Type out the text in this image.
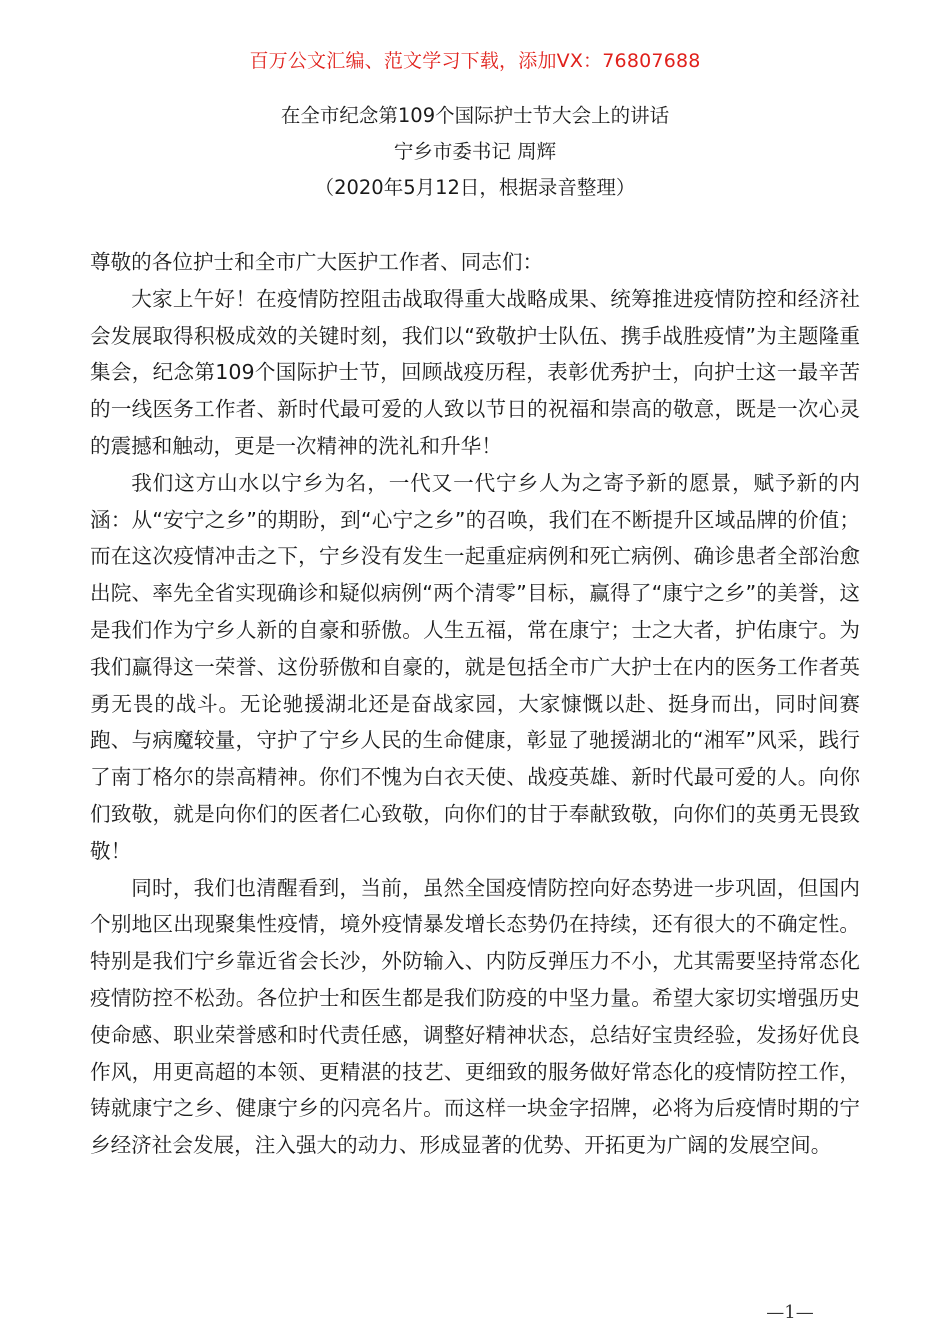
百万公文汇编、范文学习下载，添加VX：76807688
在全市纪念第109个国际护士节大会上的讲话
宁乡市委书记 周辉
（2020年5月12日，根据录音整理）

尊敬的各位护士和全市广大医护工作者、同志们：

大家上午好！在疫情防控阻击战取得重大战略成果、统筹推进疫情防控和经济社会发展取得积极成效的关键时刻，我们以“致敬护士队伍、携手战胜疫情”为主题隆重集会，纪念第109个国际护士节，回顾战疫历程，表彰优秀护士，向护士这一最辛苦的一线医务工作者、新时代最可爱的人致以节日的祝福和崇高的敬意，既是一次心灵的震撼和触动，更是一次精神的洗礼和升华！

我们这方山水以宁乡为名，一代又一代宁乡人为之寄予新的愿景，赋予新的内涵：从“安宁之乡”的期盼，到“心宁之乡”的召唤，我们在不断提升区域品牌的价值；而在这次疫情冲击之下，宁乡没有发生一起重症病例和死亡病例、确诊患者全部治愈出院、率先全省实现确诊和疑似病例“两个清零”目标，赢得了“康宁之乡”的美誉，这是我们作为宁乡人新的自豪和骄傲。人生五福，常在康宁；士之大者，护佑康宁。为我们赢得这一荣誉、这份骄傲和自豪的，就是包括全市广大护士在内的医务工作者英勇无畏的战斗。无论驰援湖北还是奋战家园，大家慷慨以赴、挺身而出，同时间赛跑、与病魔较量，守护了宁乡人民的生命健康，彰显了驰援湖北的“湘军”风采，践行了南丁格尔的崇高精神。你们不愧为白衣天使、战疫英雄、新时代最可爱的人。向你们致敬，就是向你们的医者仁心致敬，向你们的甘于奉献致敬，向你们的英勇无畏致敬！

同时，我们也清醒看到，当前，虽然全国疫情防控向好态势进一步巩固，但国内个别地区出现聚集性疫情，境外疫情暴发增长态势仍在持续，还有很大的不确定性。特别是我们宁乡靠近省会长沙，外防输入、内防反弹压力不小，尤其需要坚持常态化疫情防控不松劲。各位护士和医生都是我们防疫的中坚力量。希望大家切实增强历史使命感、职业荣誉感和时代责任感，调整好精神状态，总结好宝贵经验，发扬好优良作风，用更高超的本领、更精湛的技艺、更细致的服务做好常态化的疫情防控工作，铸就康宁之乡、健康宁乡的闪亮名片。而这样一块金字招牌，必将为后疫情时期的宁乡经济社会发展，注入强大的动力、形成显著的优势、开拓更为广阔的发展空间。

—1—
